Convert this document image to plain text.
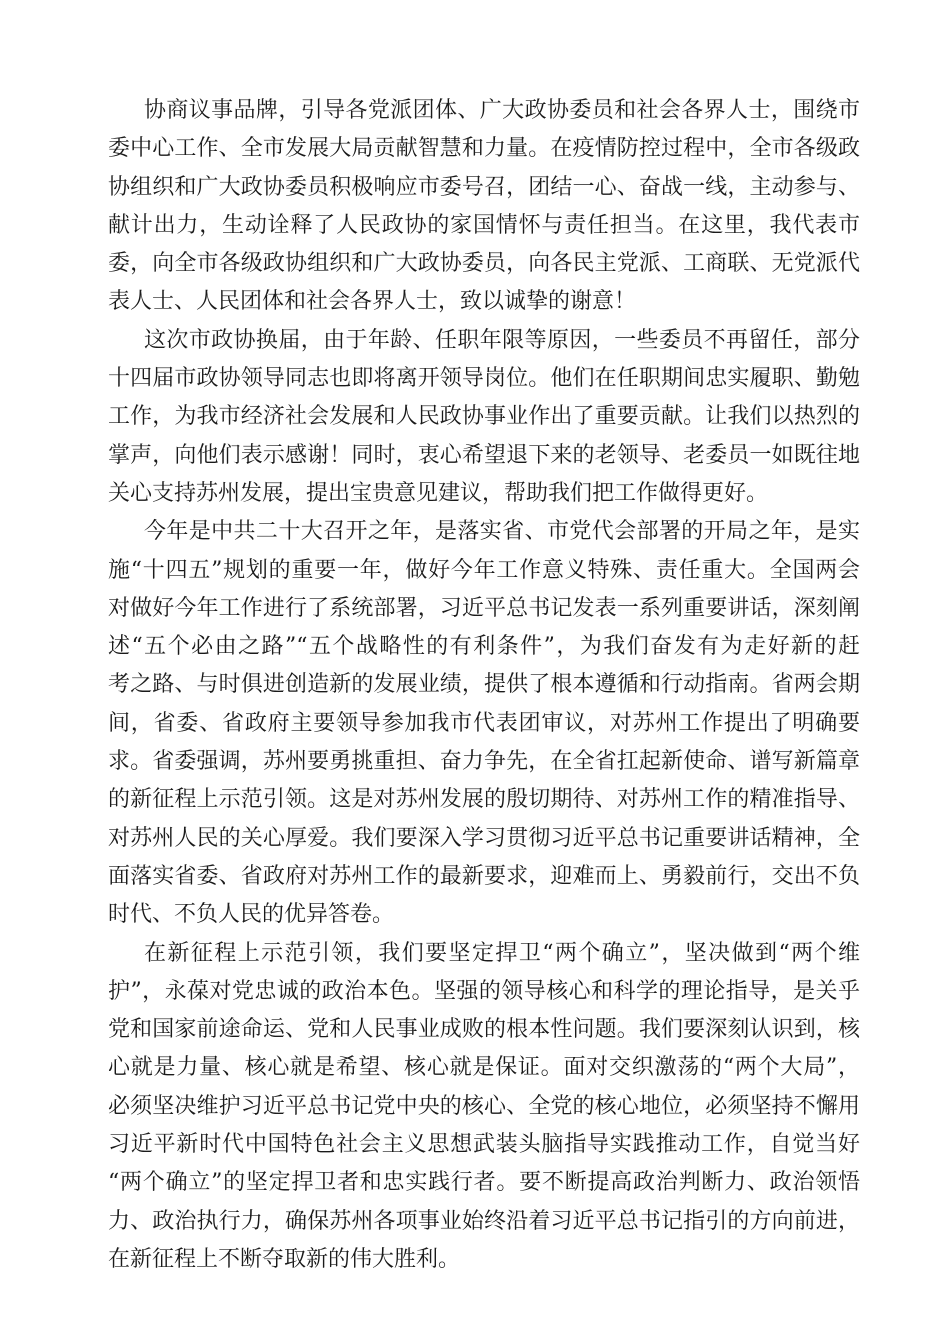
协商议事品牌，引导各党派团体、广大政协委员和社会各界人士，围绕市
委中心工作、全市发展大局贡献智慧和力量。在疫情防控过程中，全市各级政
协组织和广大政协委员积极响应市委号召，团结一心、奋战一线，主动参与、
献计出力，生动诠释了人民政协的家国情怀与责任担当。在这里，我代表市
委，向全市各级政协组织和广大政协委员，向各民主党派、工商联、无党派代
表人士、人民团体和社会各界人士，致以诚挚的谢意！
这次市政协换届，由于年龄、任职年限等原因，一些委员不再留任，部分
十四届市政协领导同志也即将离开领导岗位。他们在任职期间忠实履职、勤勉
工作，为我市经济社会发展和人民政协事业作出了重要贡献。让我们以热烈的
掌声，向他们表示感谢！同时，衷心希望退下来的老领导、老委员一如既往地
关心支持苏州发展，提出宝贵意见建议，帮助我们把工作做得更好。
今年是中共二十大召开之年，是落实省、市党代会部署的开局之年，是实
施“十四五”规划的重要一年，做好今年工作意义特殊、责任重大。全国两会
对做好今年工作进行了系统部署，习近平总书记发表一系列重要讲话，深刻阐
述“五个必由之路”“五个战略性的有利条件”，为我们奋发有为走好新的赶
考之路、与时俱进创造新的发展业绩，提供了根本遵循和行动指南。省两会期
间，省委、省政府主要领导参加我市代表团审议，对苏州工作提出了明确要
求。省委强调，苏州要勇挑重担、奋力争先，在全省扛起新使命、谱写新篇章
的新征程上示范引领。这是对苏州发展的殷切期待、对苏州工作的精准指导、
对苏州人民的关心厚爱。我们要深入学习贯彻习近平总书记重要讲话精神，全
面落实省委、省政府对苏州工作的最新要求，迎难而上、勇毅前行，交出不负
时代、不负人民的优异答卷。
在新征程上示范引领，我们要坚定捍卫“两个确立”，坚决做到“两个维
护”，永葆对党忠诚的政治本色。坚强的领导核心和科学的理论指导，是关乎
党和国家前途命运、党和人民事业成败的根本性问题。我们要深刻认识到，核
心就是力量、核心就是希望、核心就是保证。面对交织激荡的“两个大局”，
必须坚决维护习近平总书记党中央的核心、全党的核心地位，必须坚持不懈用
习近平新时代中国特色社会主义思想武装头脑指导实践推动工作，自觉当好
“两个确立”的坚定捍卫者和忠实践行者。要不断提高政治判断力、政治领悟
力、政治执行力，确保苏州各项事业始终沿着习近平总书记指引的方向前进，
在新征程上不断夺取新的伟大胜利。
